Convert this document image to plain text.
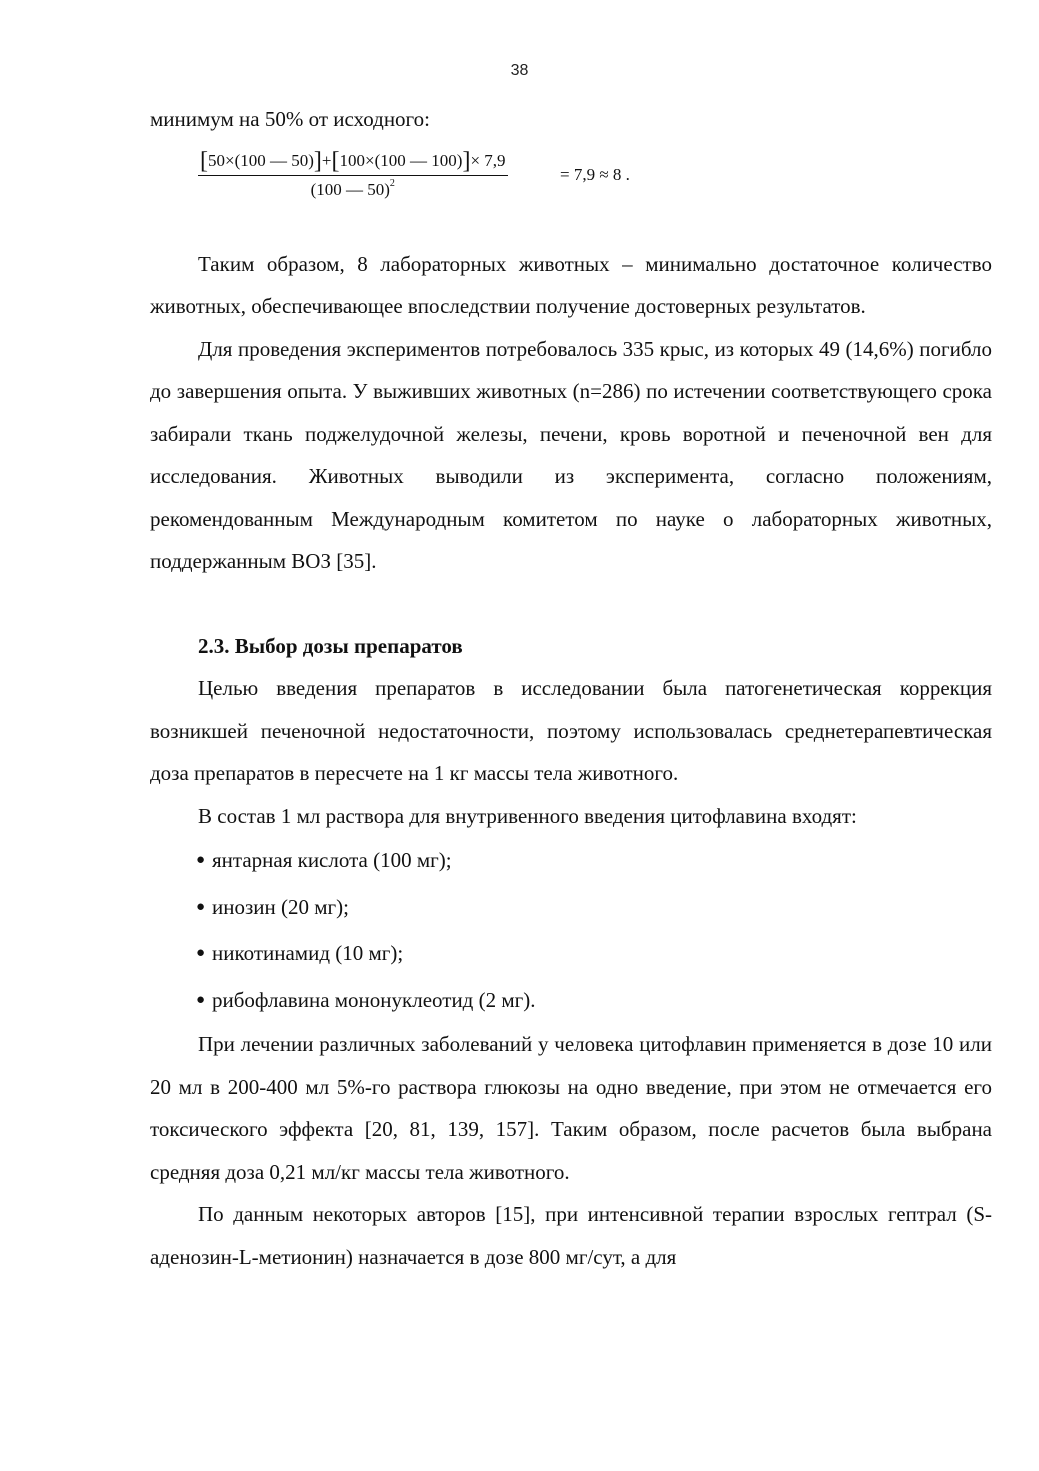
38

минимум на 50% от исходного:

$\frac{[50\times(100 — 50)]+[100\times(100 — 100)]\times 7,9}{(100 — 50)^2}$	= 7,9 ≈ 8 .

Таким образом, 8 лабораторных животных – минимально достаточное количество животных, обеспечивающее впоследствии получение достоверных результатов.

Для проведения экспериментов потребовалось 335 крыс, из которых 49 (14,6%) погибло до завершения опыта. У выживших животных (n=286) по истечении соответствующего срока забирали ткань поджелудочной железы, печени, кровь воротной и печеночной вен для исследования. Животных выводили из эксперимента, согласно положениям, рекомендованным Международным комитетом по науке о лабораторных животных, поддержанным ВОЗ [35].

2.3. Выбор дозы препаратов

Целью введения препаратов в исследовании была патогенетическая коррекция возникшей печеночной недостаточности, поэтому использовалась среднетерапевтическая доза препаратов в пересчете на 1 кг массы тела животного.

В состав 1 мл раствора для внутривенного введения цитофлавина входят:

● янтарная кислота (100 мг);
● инозин (20 мг);
● никотинамид (10 мг);
● рибофлавина мононуклеотид (2 мг).

При лечении различных заболеваний у человека цитофлавин применяется в дозе 10 или 20 мл в 200-400 мл 5%-го раствора глюкозы на одно введение, при этом не отмечается его токсического эффекта [20, 81, 139, 157]. Таким образом, после расчетов была выбрана средняя доза 0,21 мл/кг массы тела животного.

По данным некоторых авторов [15], при интенсивной терапии взрослых гептрал (S-аденозин-L-метионин) назначается в дозе 800 мг/сут, а для
